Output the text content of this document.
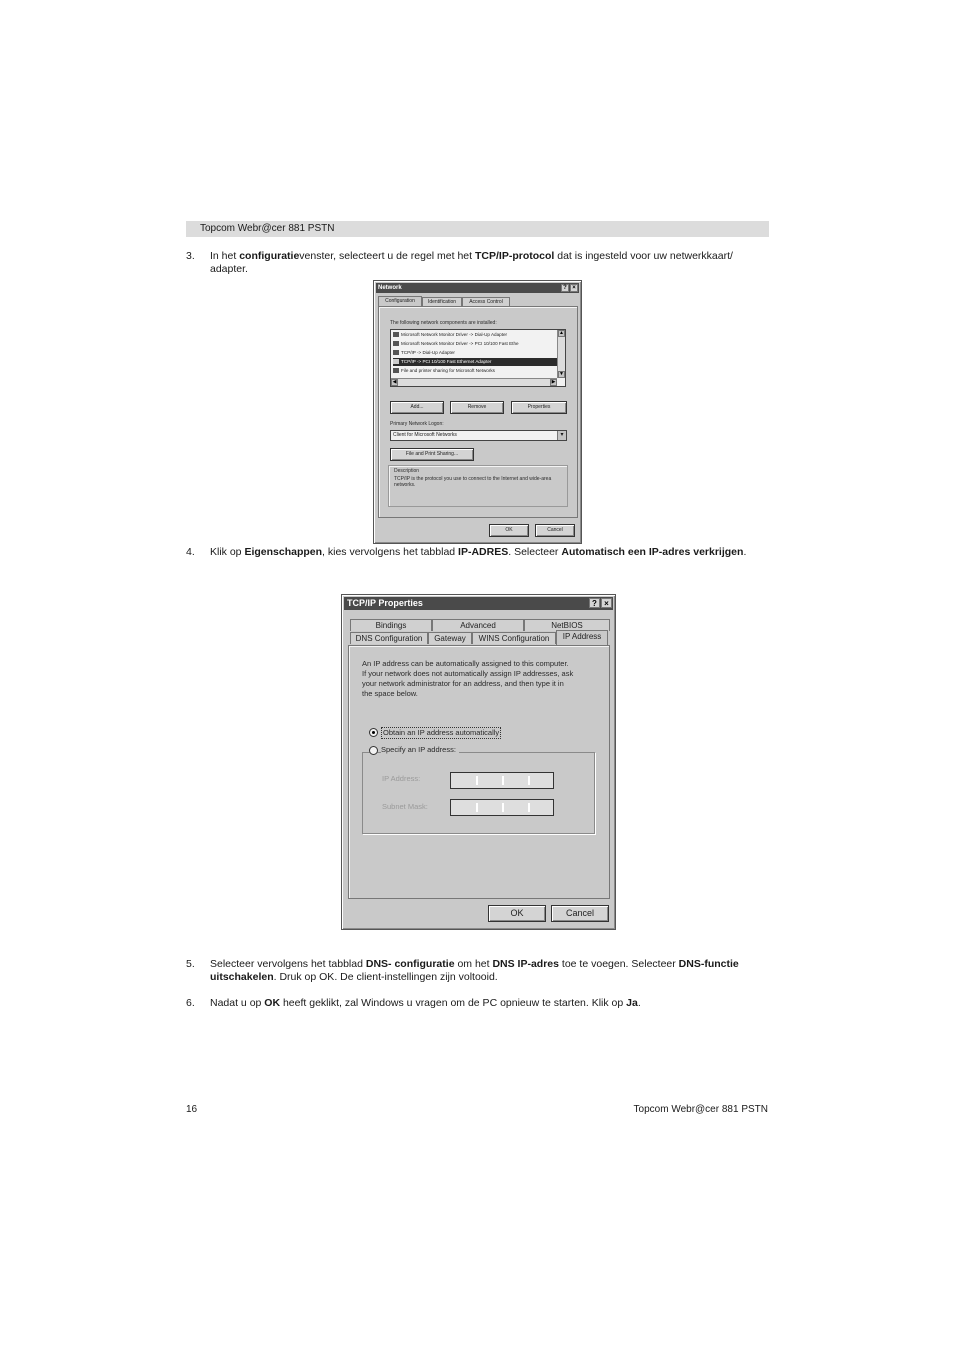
Topcom Webr@cer 881 PSTN
3.	In het configuratievenster, selecteert u de regel met het TCP/IP-protocol dat is ingesteld voor uw netwerkkaart/ adapter.
Network	? ×
Configuration	Identification	Access Control
The following network components are installed:
Microsoft Network Monitor Driver -> Dial-Up Adapter
Microsoft Network Monitor Driver -> PCI 10/100 Fast Ethe
TCP/IP -> Dial-Up Adapter
TCP/IP -> PCI 10/100 Fast Ethernet Adapter
File and printer sharing for Microsoft Networks
▲
▼
◀	▶
Add...	Remove	Properties
Primary Network Logon:
Client for Microsoft Networks	▾
File and Print Sharing...
Description
TCP/IP is the protocol you use to connect to the Internet and wide-area networks.
OK	Cancel
4.	Klik op Eigenschappen, kies vervolgens het tabblad IP-ADRES. Selecteer Automatisch een IP-adres verkrijgen.
TCP/IP Properties	? ×
Bindings	Advanced	NetBIOS
DNS Configuration	Gateway	WINS Configuration	IP Address
An IP address can be automatically assigned to this computer.
If your network does not automatically assign IP addresses, ask
your network administrator for an address, and then type it in
the space below.
Obtain an IP address automatically
Specify an IP address:
IP Address:
Subnet Mask:
OK	Cancel
5.	Selecteer vervolgens het tabblad DNS- configuratie om het DNS IP-adres toe te voegen. Selecteer DNS-functie uitschakelen. Druk op OK. De client-instellingen zijn voltooid.
6.	Nadat u op OK heeft geklikt, zal Windows u vragen om de PC opnieuw te starten. Klik op Ja.
16	Topcom Webr@cer 881 PSTN
